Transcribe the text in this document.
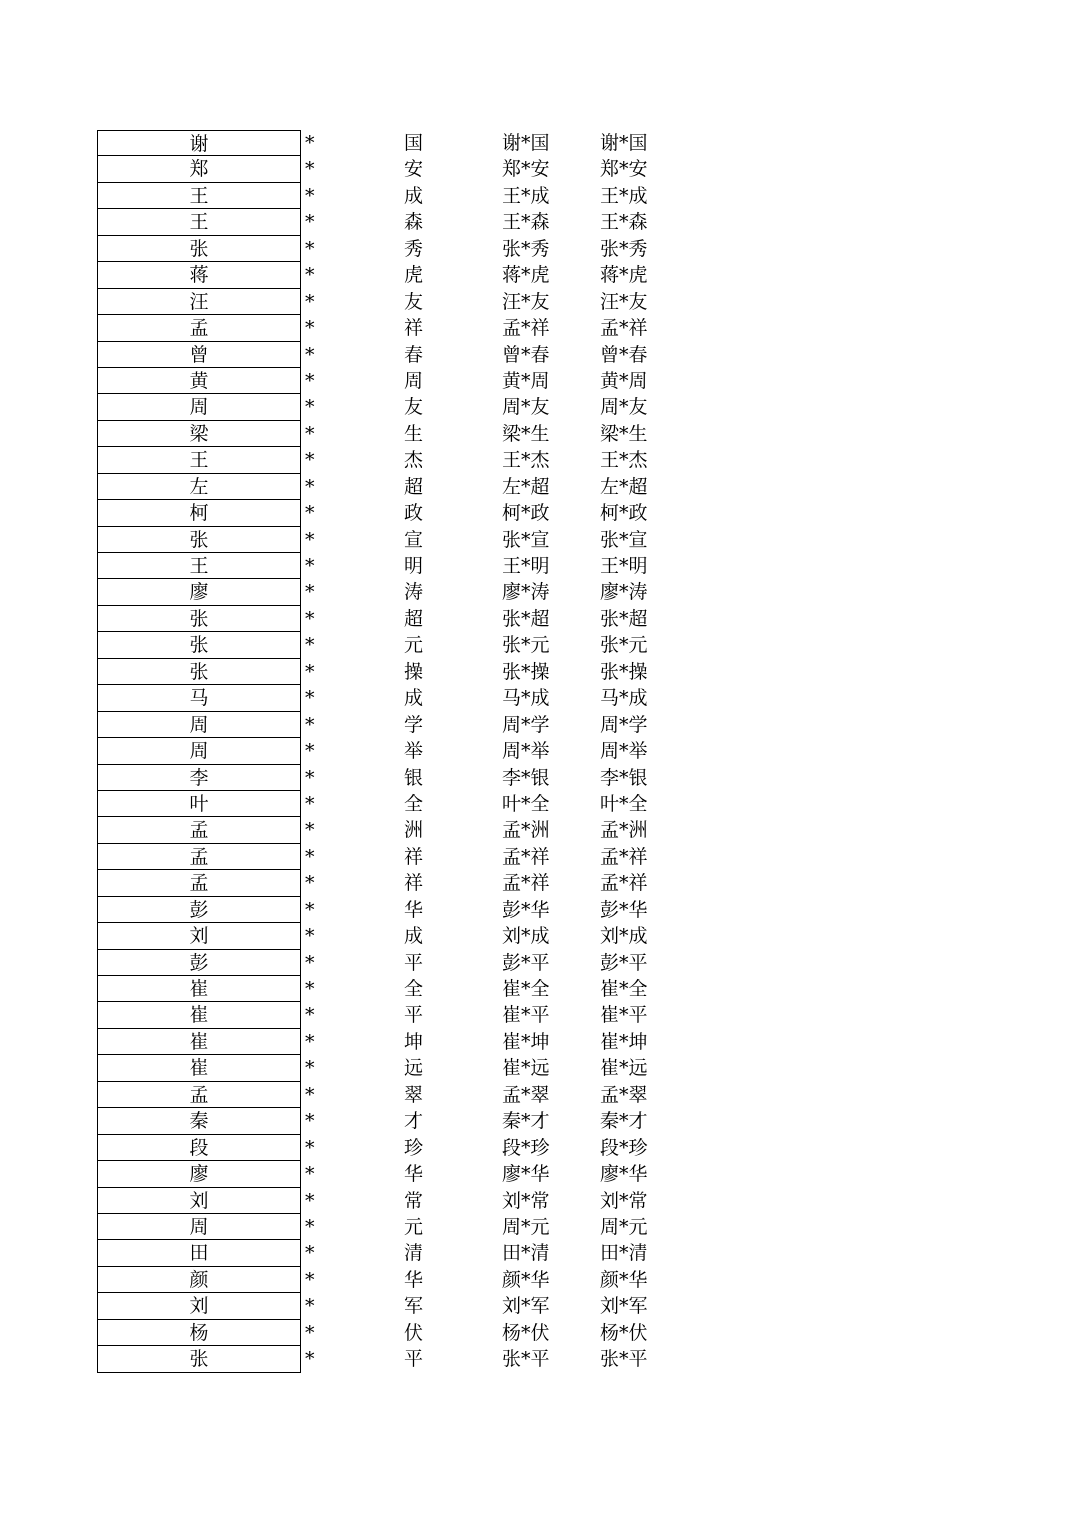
谢	*	国	谢*国	谢*国
郑	*	安	郑*安	郑*安
王	*	成	王*成	王*成
王	*	森	王*森	王*森
张	*	秀	张*秀	张*秀
蒋	*	虎	蒋*虎	蒋*虎
汪	*	友	汪*友	汪*友
孟	*	祥	孟*祥	孟*祥
曾	*	春	曾*春	曾*春
黄	*	周	黄*周	黄*周
周	*	友	周*友	周*友
梁	*	生	梁*生	梁*生
王	*	杰	王*杰	王*杰
左	*	超	左*超	左*超
柯	*	政	柯*政	柯*政
张	*	宣	张*宣	张*宣
王	*	明	王*明	王*明
廖	*	涛	廖*涛	廖*涛
张	*	超	张*超	张*超
张	*	元	张*元	张*元
张	*	操	张*操	张*操
马	*	成	马*成	马*成
周	*	学	周*学	周*学
周	*	举	周*举	周*举
李	*	银	李*银	李*银
叶	*	全	叶*全	叶*全
孟	*	洲	孟*洲	孟*洲
孟	*	祥	孟*祥	孟*祥
孟	*	祥	孟*祥	孟*祥
彭	*	华	彭*华	彭*华
刘	*	成	刘*成	刘*成
彭	*	平	彭*平	彭*平
崔	*	全	崔*全	崔*全
崔	*	平	崔*平	崔*平
崔	*	坤	崔*坤	崔*坤
崔	*	远	崔*远	崔*远
孟	*	翠	孟*翠	孟*翠
秦	*	才	秦*才	秦*才
段	*	珍	段*珍	段*珍
廖	*	华	廖*华	廖*华
刘	*	常	刘*常	刘*常
周	*	元	周*元	周*元
田	*	清	田*清	田*清
颜	*	华	颜*华	颜*华
刘	*	军	刘*军	刘*军
杨	*	伏	杨*伏	杨*伏
张	*	平	张*平	张*平
